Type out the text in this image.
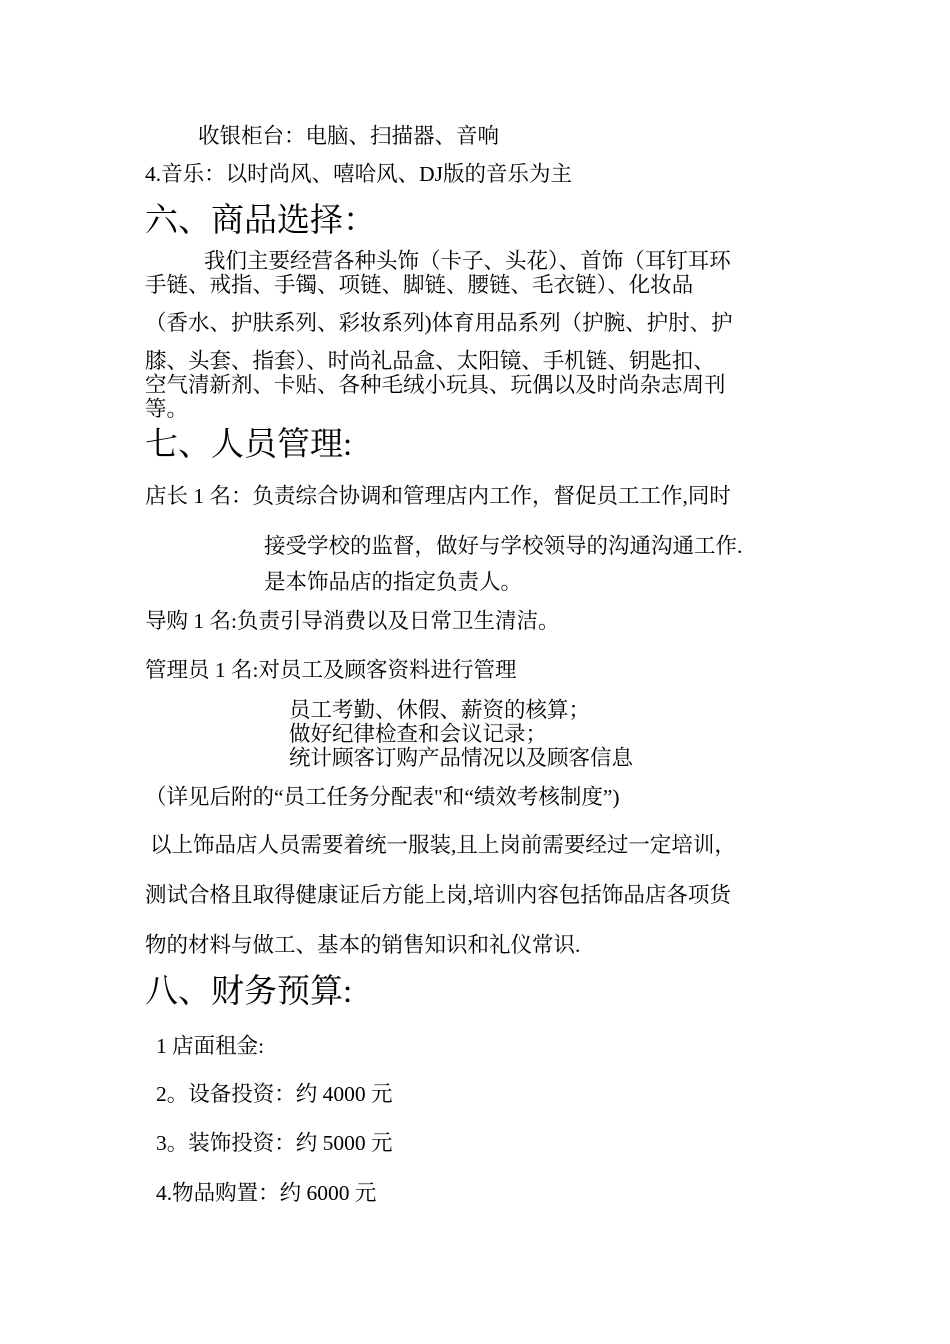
收银柜台：电脑、扫描器、音响
4.音乐：以时尚风、嘻哈风、DJ版的音乐为主
六、商品选择：
我们主要经营各种头饰（卡子、头花）、首饰（耳钉耳环
手链、戒指、手镯、项链、脚链、腰链、毛衣链）、化妆品
（香水、护肤系列、彩妆系列)体育用品系列（护腕、护肘、护
膝、头套、指套）、时尚礼品盒、太阳镜、手机链、钥匙扣、
空气清新剂、卡贴、各种毛绒小玩具、玩偶以及时尚杂志周刊
等。
七、人员管理:
店长 1 名：负责综合协调和管理店内工作，督促员工工作,同时
接受学校的监督，做好与学校领导的沟通沟通工作.
是本饰品店的指定负责人。
导购 1 名:负责引导消费以及日常卫生清洁。
管理员 1 名:对员工及顾客资料进行管理
员工考勤、休假、薪资的核算；
做好纪律检查和会议记录；
统计顾客订购产品情况以及顾客信息
（详见后附的“员工任务分配表"和“绩效考核制度”)
以上饰品店人员需要着统一服装,且上岗前需要经过一定培训，
测试合格且取得健康证后方能上岗,培训内容包括饰品店各项货
物的材料与做工、基本的销售知识和礼仪常识.
八、财务预算:
1 店面租金:
2。设备投资：约 4000 元
3。装饰投资：约 5000 元
4.物品购置：约 6000 元
